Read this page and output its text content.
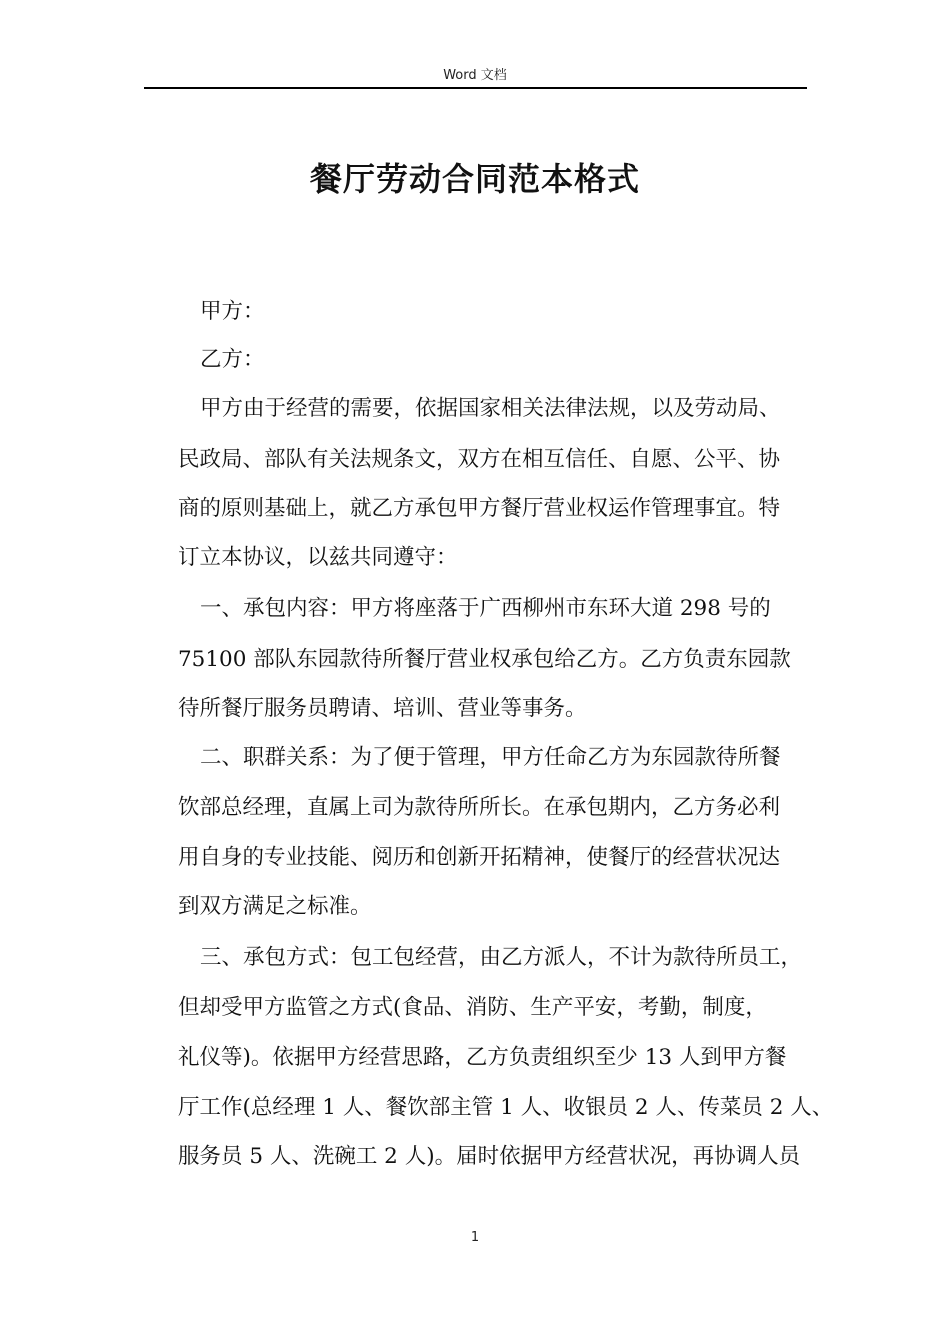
Word 文档
餐厅劳动合同范本格式
甲方：
乙方：
甲方由于经营的需要，依据国家相关法律法规，以及劳动局、
民政局、部队有关法规条文，双方在相互信任、自愿、公平、协
商的原则基础上，就乙方承包甲方餐厅营业权运作管理事宜。特
订立本协议，以兹共同遵守：
一、承包内容：甲方将座落于广西柳州市东环大道 298 号的
75100 部队东园款待所餐厅营业权承包给乙方。乙方负责东园款
待所餐厅服务员聘请、培训、营业等事务。
二、职群关系：为了便于管理，甲方任命乙方为东园款待所餐
饮部总经理，直属上司为款待所所长。在承包期内，乙方务必利
用自身的专业技能、阅历和创新开拓精神，使餐厅的经营状况达
到双方满足之标准。
三、承包方式：包工包经营，由乙方派人，不计为款待所员工，
但却受甲方监管之方式(食品、消防、生产平安，考勤，制度，
礼仪等)。依据甲方经营思路，乙方负责组织至少 13 人到甲方餐
厅工作(总经理 1 人、餐饮部主管 1 人、收银员 2 人、传菜员 2 人、
服务员 5 人、洗碗工 2 人)。届时依据甲方经营状况，再协调人员
1
